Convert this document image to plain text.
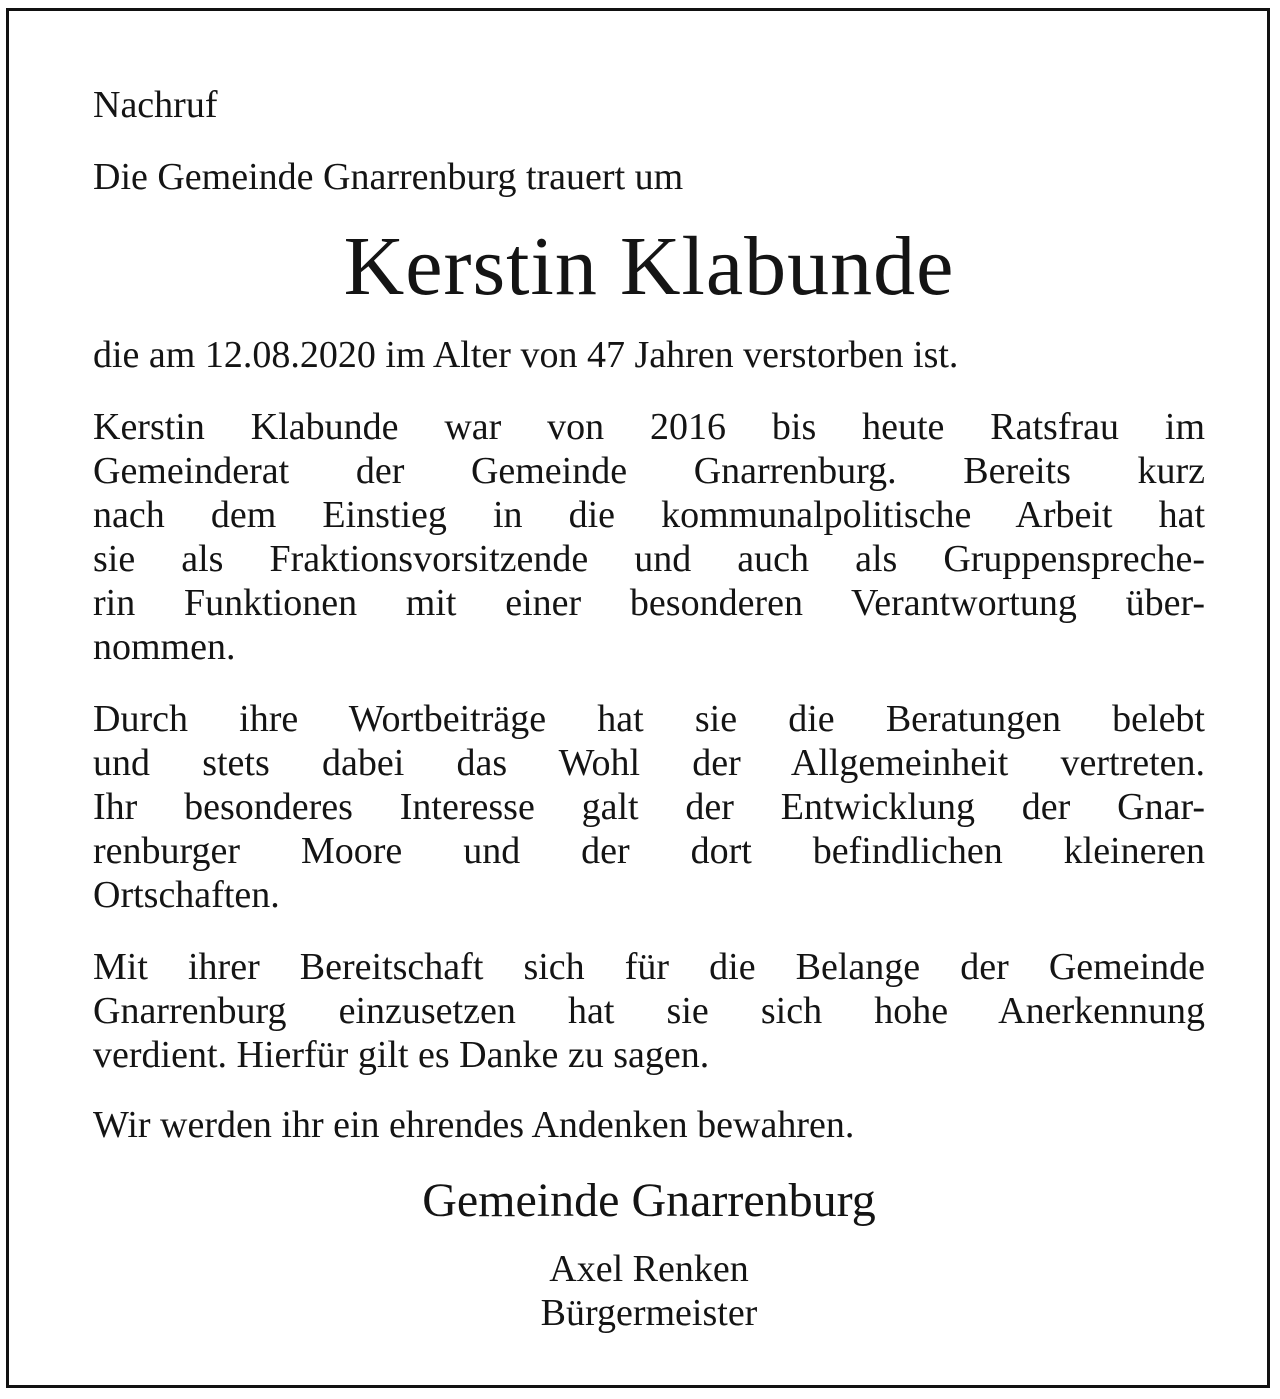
Nachruf
Die Gemeinde Gnarrenburg trauert um
Kerstin Klabunde
die am 12.08.2020 im Alter von 47 Jahren verstorben ist.
Kerstin Klabunde war von 2016 bis heute Ratsfrau im
Gemeinderat der Gemeinde Gnarrenburg. Bereits kurz
nach dem Einstieg in die kommunalpolitische Arbeit hat
sie als Fraktionsvorsitzende und auch als Gruppenspreche-
rin Funktionen mit einer besonderen Verantwortung über-
nommen.
Durch ihre Wortbeiträge hat sie die Beratungen belebt
und stets dabei das Wohl der Allgemeinheit vertreten.
Ihr besonderes Interesse galt der Entwicklung der Gnar-
renburger Moore und der dort befindlichen kleineren
Ortschaften.
Mit ihrer Bereitschaft sich für die Belange der Gemeinde
Gnarrenburg einzusetzen hat sie sich hohe Anerkennung
verdient. Hierfür gilt es Danke zu sagen.
Wir werden ihr ein ehrendes Andenken bewahren.
Gemeinde Gnarrenburg
Axel Renken
Bürgermeister
